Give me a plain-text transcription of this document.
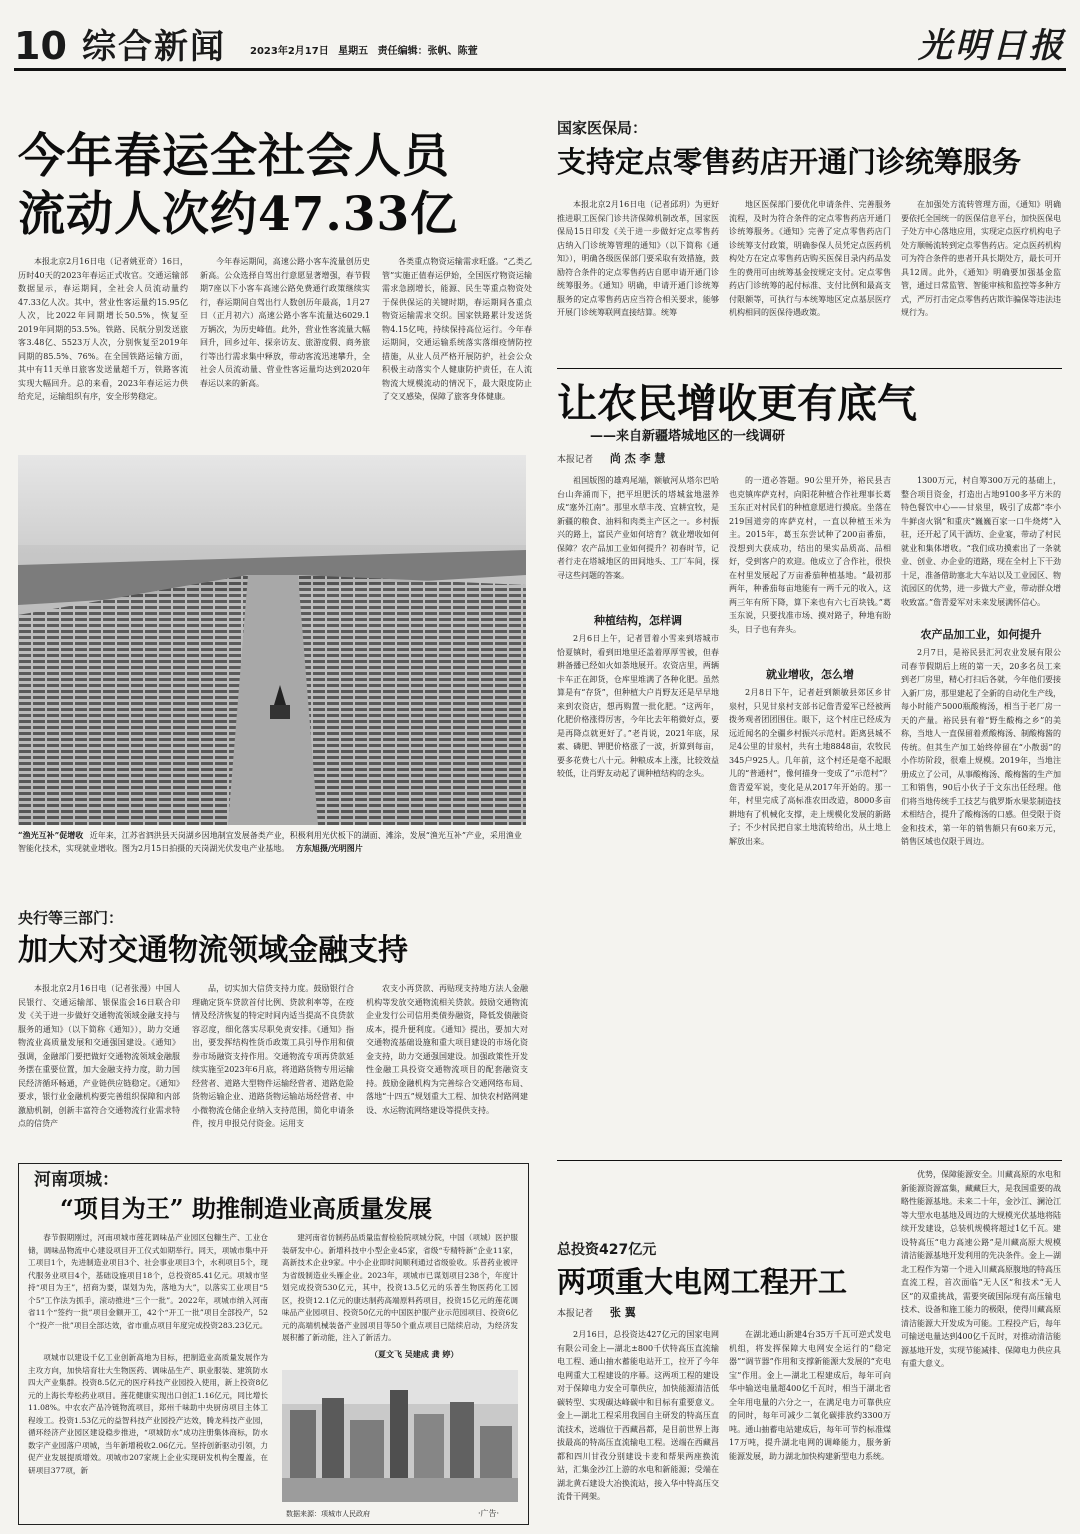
10 综合新闻 2023年2月17日 星期五 责任编辑：张帆、陈萱	光明日报
今年春运全社会人员
流动人次约47.33亿

本报北京2月16日电（记者姚亚奇）16日，历时40天的2023年春运正式收官。交通运输部数据显示，春运期间，全社会人员流动量约47.33亿人次。其中，营业性客运量约15.95亿人次，比2022年同期增长50.5%，恢复至2019年同期的53.5%。铁路、民航分别发送旅客3.48亿、5523万人次，分别恢复至2019年同期的85.5%、76%。在全国铁路运输方面，其中有11天单日旅客发送量超千万，铁路客流实现大幅回升。总的来看，2023年春运运力供给充足，运输组织有序，安全形势稳定。

今年春运期间，高速公路小客车流量创历史新高。公众选择自驾出行意愿显著增强，春节假期7座以下小客车高速公路免费通行政策继续实行，春运期间自驾出行人数创历年最高，1月27日（正月初六）高速公路小客车流量达6029.1万辆次，为历史峰值。此外，营业性客流量大幅回升，回乡过年、探亲访友、旅游度假、商务旅行等出行需求集中释放，带动客流迅速攀升，全社会人员流动量、营业性客运量均达到2020年春运以来的新高。

各类重点物资运输需求旺盛。“乙类乙管”实施正值春运伊始，全国医疗物资运输需求急剧增长，能源、民生等重点物资处于保供保运的关键时期，春运期间各重点物资运输需求交织。国家铁路累计发送货物4.15亿吨，持续保持高位运行。今年春运期间，交通运输系统落实落细疫情防控措施，从业人员严格开展防护，社会公众积极主动落实个人健康防护责任，在人流物流大规模流动的情况下，最大限度防止了交叉感染，保障了旅客身体健康。

“渔光互补”促增收 近年来，江苏省泗洪县天岗湖乡因地制宜发展备类产业，积极利用光伏板下的湖面、滩涂，发展“渔光互补”产业，采用渔业智能化技术，实现就业增收。图为2月15日拍摄的天岗湖光伏发电产业基地。 方东旭摄/光明图片
国家医保局：
支持定点零售药店开通门诊统筹服务

本报北京2月16日电（记者邱玥）为更好推进职工医保门诊共济保障机制改革，国家医保局15日印发《关于进一步做好定点零售药店纳入门诊统筹管理的通知》（以下简称《通知》），明确各级医保部门要采取有效措施，鼓励符合条件的定点零售药店自愿申请开通门诊统筹服务。《通知》明确，申请开通门诊统筹服务的定点零售药店应当符合相关要求，能够开展门诊统筹联网直接结算。统筹

地区医保部门要优化申请条件、完善服务流程，及时为符合条件的定点零售药店开通门诊统筹服务。《通知》完善了定点零售药店门诊统筹支付政策，明确参保人员凭定点医药机构处方在定点零售药店购买医保目录内药品发生的费用可由统筹基金按规定支付。定点零售药店门诊统筹的起付标准、支付比例和最高支付限额等，可执行与本统筹地区定点基层医疗机构相同的医保待遇政策。

在加强处方流转管理方面，《通知》明确要依托全国统一的医保信息平台，加快医保电子处方中心落地应用，实现定点医疗机构电子处方顺畅流转到定点零售药店。定点医药机构可为符合条件的患者开具长期处方，最长可开具12周。此外，《通知》明确要加强基金监管，通过日常监管、智能审核和监控等多种方式，严厉打击定点零售药店欺诈骗保等违法违规行为。

让农民增收更有底气
——来自新疆塔城地区的一线调研
本报记者 尚 杰 李 慧

祖国版图的雄鸡尾端，额敏河从塔尔巴哈台山奔涌而下，把平坦肥沃的塔城盆地滋养成“塞外江南”。那里水草丰茂、宜耕宜牧，是新疆的粮食、油料和肉类主产区之一。乡村振兴的路上，富民产业如何培育？就业增收如何保障？农产品加工业如何提升？初春时节，记者行走在塔城地区的田间地头、工厂车间，探寻这些问题的答案。

种植结构，怎样调

2月6日上午，记者冒着小雪来到塔城市恰夏镇时，看到田地里还盖着厚厚雪被，但春耕备播已经如火如荼地展开。农资店里，两辆卡车正在卸货，仓库里堆满了各种化肥。虽然算是有“存货”，但种植大户肖野友还是早早地来到农资店，想再购置一批化肥。“这两年，化肥价格涨得厉害，今年比去年稍微好点，要是再降点就更好了。”老肖说，2021年底，尿素、磷肥、钾肥价格涨了一波，折算到每亩，要多花费七八十元。种粮成本上涨，比较效益较低，让肖野友动起了调种植结构的念头。

的一道必答题。90公里开外，裕民县吉也克镇库萨克村，向阳花种植合作社理事长葛玉东正对村民们的种植意愿进行摸底。坐落在219国道旁的库萨克村，一直以种植玉米为主。2015年，葛玉东尝试种了200亩番茄，没想到大获成功，结出的果实品质高、品相好，受到客户的欢迎。他成立了合作社，很快在村里发展起了万亩番茄种植基地。“最初那两年，种番茄每亩地能有一两千元的收入，这两三年有所下降，算下来也有六七百块钱。”葛玉东说，只要找准市场、摸对路子，种地有盼头，日子也有奔头。

就业增收，怎么增

2月8日下午，记者赶到额敏县郊区乡甘泉村，只见甘泉村支部书记詹青爱军已经被两拨务观者团团围住。眼下，这个村庄已经成为远近闻名的全疆乡村振兴示范村。距离县城不足4公里的甘泉村，共有土地8848亩，农牧民345户925人。几年前，这个村还是毫不起眼儿的“普通村”，像何描身一变成了“示范村”？詹青爱军说，变化是从2017年开始的。那一年，村里完成了高标准农田改造，8000多亩耕地有了机械化支撑，走上规模化发展的新路子；不少村民把自家土地流转给出，从土地上解放出来。

1300万元，村自筹300万元的基础上，整合项目资金，打造出占地9100多平方米的特色餐饮中心——甘泉里，吸引了成都“李小牛鲜卤火锅”和重庆“巍巍百家一口牛烧烤”入驻，还开起了风干酒坊、企业宴，带动了村民就业和集体增收。“我们成功摸索出了一条就业、创业、办企业的道路，现在全村上下干劲十足，准备借助塞北大车站以及工业园区、物流园区的优势，进一步做大产业，带动群众增收致富。”詹青爱军对未来发展满怀信心。

农产品加工业，如何提升

2月7日，是裕民县汇河农业发展有限公司春节假期后上班的第一天，20多名员工来到老厂房里，精心打扫后各就，今年他们要接入新厂房，那里建起了全新的自动化生产线，每小时能产5000瓶酸梅汤，相当于老厂房一天的产量。裕民县有着“野生酸梅之乡”的美称，当地人一直保留着煮酸梅汤、制酸梅酱的传统。但其生产加工始终停留在“小散弱”的小作坊阶段，很难上规模。2019年，当地注册成立了公司，从事酸梅汤、酸梅酱的生产加工和销售，90后小伙子于文东出任经理。他们将当地传统手工技艺与俄罗斯水果浆制造技术相结合，提升了酸梅汤的口感。但受限于资金和技术，第一年的销售额只有60来万元，销售区域也仅限于周边。

央行等三部门：
加大对交通物流领域金融支持

本报北京2月16日电（记者张漫）中国人民银行、交通运输部、银保监会16日联合印发《关于进一步做好交通物流领域金融支持与服务的通知》（以下简称《通知》），助力交通物流业高质量发展和交通强国建设。《通知》强调，金融部门要把做好交通物流领域金融服务摆在重要位置，加大金融支持力度，助力国民经济循环畅通，产业链供应链稳定。《通知》要求，银行业金融机构要完善组织保障和内部激励机制，创新丰富符合交通物流行业需求特点的信贷产

品，切实加大信贷支持力度。鼓励银行合理确定货车贷款首付比例、贷款利率等，在疫情及经济恢复的特定时间内适当提高不良贷款容忍度，细化落实尽职免责安排。《通知》指出，要发挥结构性货币政策工具引导作用和债券市场融资支持作用。交通物流专项再贷款延续实施至2023年6月底，将道路货物专用运输经营者、道路大型物件运输经营者、道路危险货物运输企业、道路货物运输站场经营者、中小微物流仓储企业纳入支持范围，简化申请条件，按月申报兑付资金。运用支

农支小再贷款、再贴现支持地方法人金融机构等发放交通物流相关贷款。鼓励交通物流企业发行公司信用类债券融资，降低发债融资成本，提升便利度。《通知》提出，要加大对交通物流基础设施和重大项目建设的市场化资金支持，助力交通强国建设。加强政策性开发性金融工具投资交通物流项目的配套融资支持。鼓励金融机构为完善综合交通网络布局、落地“十四五”规划重大工程、加快农村路网建设、水运物流网络建设等提供支持。

河南项城：
“项目为王” 助推制造业高质量发展

春节假期刚过，河南项城市莲花调味品产业园区包糠生产、工业仓储，调味品物流中心建设项目开工仪式如期举行。同天，项城市集中开工项目1个，先进制造业项目3个、社会事业项目3个，水利项目5个，现代服务业项目4个，基础设施项目18个，总投资85.41亿元。项城市坚持“项目为王”，招商为要，谋划为先，落地为大”，以落实工业项目“5个5”工作法为抓手，滚动推进“三个一批”。2022年，项城市纳入河南省11个“签约一批”项目金额开工，42个“开工一批”项目全部投产，52个“投产一批”项目全部达效，省市重点项目年度完成投资283.23亿元。

项城市以建设千亿工业创新高地为目标，把制造业高质量发展作为主攻方向，加快培育壮大生物医药、调味品生产、职业服装、建筑防水四大产业集群。投资8.5亿元的医疗科技产业园投入使用，新上投资8亿元的上海长寿松药业项目。莲花健康实现出口创汇1.16亿元，同比增长11.08%。中农农产品冷链物流项目，郑州千味助中央厨房项目主体工程竣工。投资1.53亿元的益智科技产业园投产达效，腾龙科技产业园，循环经济产业园区建设稳步推进，“项城防水”成功注册集体商标，防水数字产业园落户项城，当年新增税收2.06亿元。坚持创新驱动引领，力促产业发展提质增效。项城市207家规上企业实现研发机构全覆盖，在研项目377项，新

建河南省仿制药品质量监督检验院项城分院，中国（项城）医护服装研发中心。新增科技中小型企业45家，省级“专精特新”企业11家，高新技术企业9家。中小企业即时间顺利通过省级验收。乐普药业被评为省级制造业头雁企业。2023年，项城市已谋划项目238个，年度计划完成投资530亿元，其中，投资13.5亿元的乐普生物医药化工园区，投资12.1亿元的康达制药高端原料药项目，投资15亿元的莲花调味品产业园项目、投资50亿元的中国医护服产业示范园项目、投资6亿元的高端机械装备产业园项目等50个重点项目已陆续启动，为经济发展积蓄了新动能，注入了新活力。

（夏文飞 吴建成 龚 婷）
数据来源：项城市人民政府	·广告·
总投资427亿元
两项重大电网工程开工
本报记者 张 翼

2月16日，总投资达427亿元的国家电网有限公司金上—湖北±800千伏特高压直流输电工程、通山抽水蓄能电站开工，拉开了今年电网重大工程建设的序幕。这两项工程的建设对于保障电力安全可靠供应，加快能源清洁低碳转型、实现碳达峰碳中和目标有重要意义。金上—湖北工程采用我国自主研发的特高压直流技术，送端位于西藏昌都，是目前世界上海拔最高的特高压直流输电工程。送端在西藏昌都和四川甘孜分别建设卡麦和帮果两座换流站，汇集金沙江上游的水电和新能源；受端在湖北黄石建设大冶换流站，接入华中特高压交流骨干网架。

在湖北通山新建4台35万千瓦可逆式发电机组，将发挥保障大电网安全运行的“稳定器”“调节器”作用和支撑新能源大发展的“充电宝”作用。金上—湖北工程建成后，每年可向华中输送电量超400亿千瓦时，相当于湖北省全年用电量的六分之一，在满足电力可靠供应的同时，每年可减少二氧化碳排放约3300万吨。通山抽蓄电站建成后，每年可节约标准煤17万吨，提升湖北电网的调峰能力，服务新能源发展，助力湖北加快构建新型电力系统。

优势，保障能源安全。川藏高原的水电和新能源资源富集，藏藏巨大，是我国重要的战略性能源基地。未来二十年，金沙江、澜沧江等大型水电基地及周边的大规模光伏基地将陆续开发建设，总装机规模将超过1亿千瓦。建设特高压“电力高速公路”是川藏高原大规模清洁能源基地开发利用的先决条件。金上—湖北工程作为第一个进入川藏高原腹地的特高压直流工程，首次面临“无人区”和技术“无人区”的双重挑战，需要突破国际现有高压输电技术、设备和施工能力的极限，使得川藏高原清洁能源大开发成为可能。工程投产后，每年可输送电量达到400亿千瓦时，对推动清洁能源基地开发，实现节能减排、保障电力供应具有重大意义。
